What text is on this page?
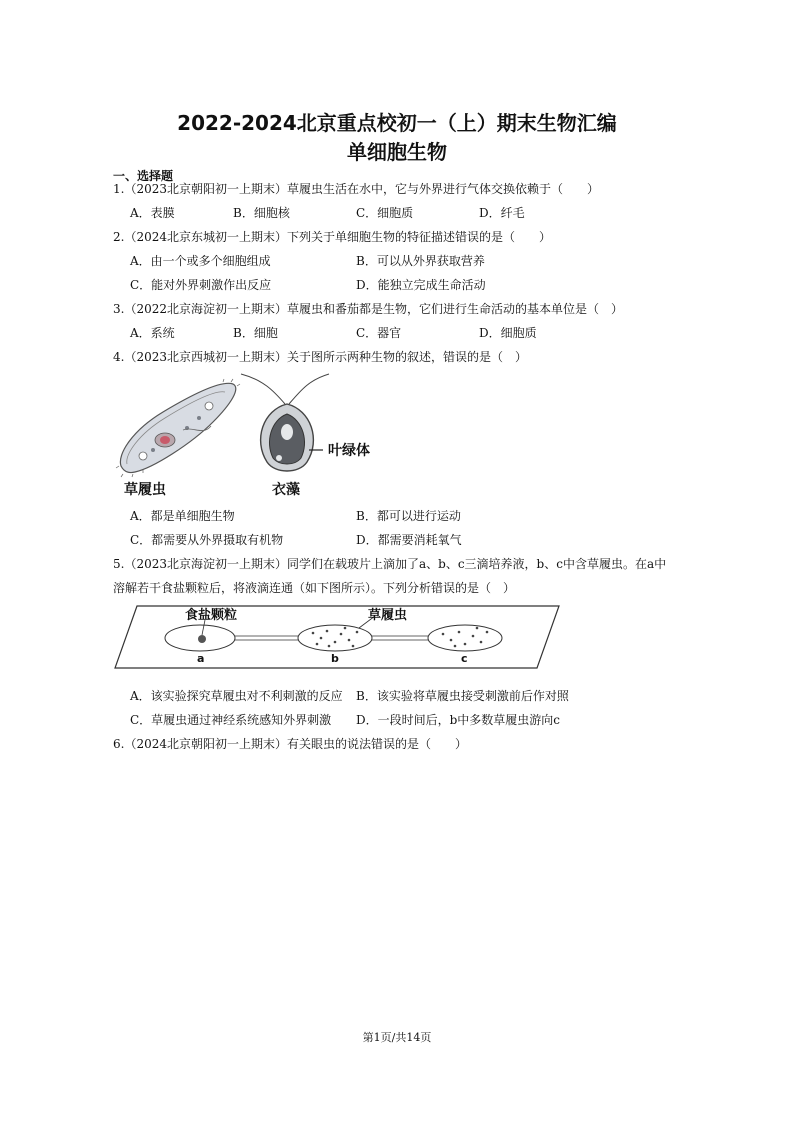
2022-2024北京重点校初一（上）期末生物汇编
单细胞生物
一、选择题
1.（2023北京朝阳初一上期末）草履虫生活在水中，它与外界进行气体交换依赖于（　　）
A．表膜	B．细胞核	C．细胞质	D．纤毛
2.（2024北京东城初一上期末）下列关于单细胞生物的特征描述错误的是（　　）
A．由一个或多个细胞组成	B．可以从外界获取营养
C．能对外界刺激作出反应	D．能独立完成生命活动
3.（2022北京海淀初一上期末）草履虫和番茄都是生物，它们进行生命活动的基本单位是（　）
A．系统	B．细胞	C．器官	D．细胞质
4.（2023北京西城初一上期末）关于图所示两种生物的叙述，错误的是（　）
叶绿体
草履虫	衣藻
A．都是单细胞生物	B．都可以进行运动
C．都需要从外界摄取有机物	D．都需要消耗氧气
5.（2023北京海淀初一上期末）同学们在载玻片上滴加了a、b、c三滴培养液，b、c中含草履虫。在a中
溶解若干食盐颗粒后，将液滴连通（如下图所示）。下列分析错误的是（　）
食盐颗粒	草履虫
a	b	c
A．该实验探究草履虫对不利刺激的反应 B．该实验将草履虫接受刺激前后作对照
C．草履虫通过神经系统感知外界刺激 D．一段时间后，b中多数草履虫游向c
6.（2024北京朝阳初一上期末）有关眼虫的说法错误的是（　　）
第1页/共14页
